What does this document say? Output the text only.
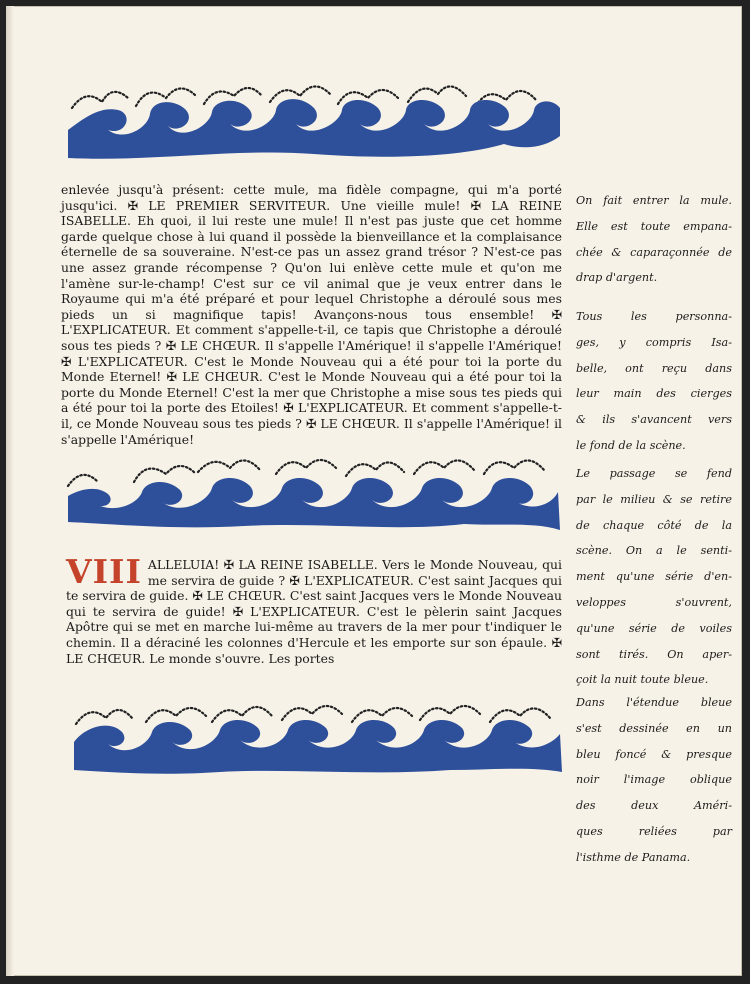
enlevée jusqu'à présent: cette mule, ma fidèle compagne, qui m'a porté jusqu'ici. ✠ LE PREMIER SERVITEUR. Une vieille mule! ✠ LA REINE ISABELLE. Eh quoi, il lui reste une mule! Il n'est pas juste que cet homme garde quelque chose à lui quand il possède la bienveillance et la complaisance éternelle de sa souveraine. N'est-ce pas un assez grand trésor ? N'est-ce pas une assez grande récompense ? Qu'on lui enlève cette mule et qu'on me l'amène sur-le-champ! C'est sur ce vil animal que je veux entrer dans le Royaume qui m'a été préparé et pour lequel Christophe a déroulé sous mes pieds un si magnifique tapis! Avançons-nous tous ensemble! ✠ L'EXPLICATEUR. Et comment s'appelle-t-il, ce tapis que Christophe a déroulé sous tes pieds ? ✠ LE CHŒUR. Il s'appelle l'Amérique! il s'appelle l'Amérique! ✠ L'EXPLICATEUR. C'est le Monde Nouveau qui a été pour toi la porte du Monde Eternel! ✠ LE CHŒUR. C'est le Monde Nouveau qui a été pour toi la porte du Monde Eternel! C'est la mer que Christophe a mise sous tes pieds qui a été pour toi la porte des Etoiles! ✠ L'EXPLICATEUR. Et comment s'appelle-t-il, ce Monde Nouveau sous tes pieds ? ✠ LE CHŒUR. Il s'appelle l'Amérique! il s'appelle l'Amérique!

VIII ALLELUIA! ✠ LA REINE ISABELLE. Vers le Monde Nouveau, qui me servira de guide ? ✠ L'EXPLICATEUR. C'est saint Jacques qui te servira de guide. ✠ LE CHŒUR. C'est saint Jacques vers le Monde Nouveau qui te servira de guide! ✠ L'EXPLICATEUR. C'est le pèlerin saint Jacques Apôtre qui se met en marche lui-même au travers de la mer pour t'indiquer le chemin. Il a déraciné les colonnes d'Hercule et les emporte sur son épaule. ✠ LE CHŒUR. Le monde s'ouvre. Les portes

On fait entrer la mule.
Elle est toute empana-
chée & caparaçonnée de
drap d'argent.
Tous les personna-
ges, y compris Isa-
belle, ont reçu dans
leur main des cierges
& ils s'avancent vers
le fond de la scène.
Le passage se fend
par le milieu & se retire
de chaque côté de la
scène. On a le senti-
ment qu'une série d'en-
veloppes s'ouvrent,
qu'une série de voiles
sont tirés. On aper-
çoit la nuit toute bleue.
Dans l'étendue bleue
s'est dessinée en un
bleu foncé & presque
noir l'image oblique
des deux Améri-
ques reliées par
l'isthme de Panama.
